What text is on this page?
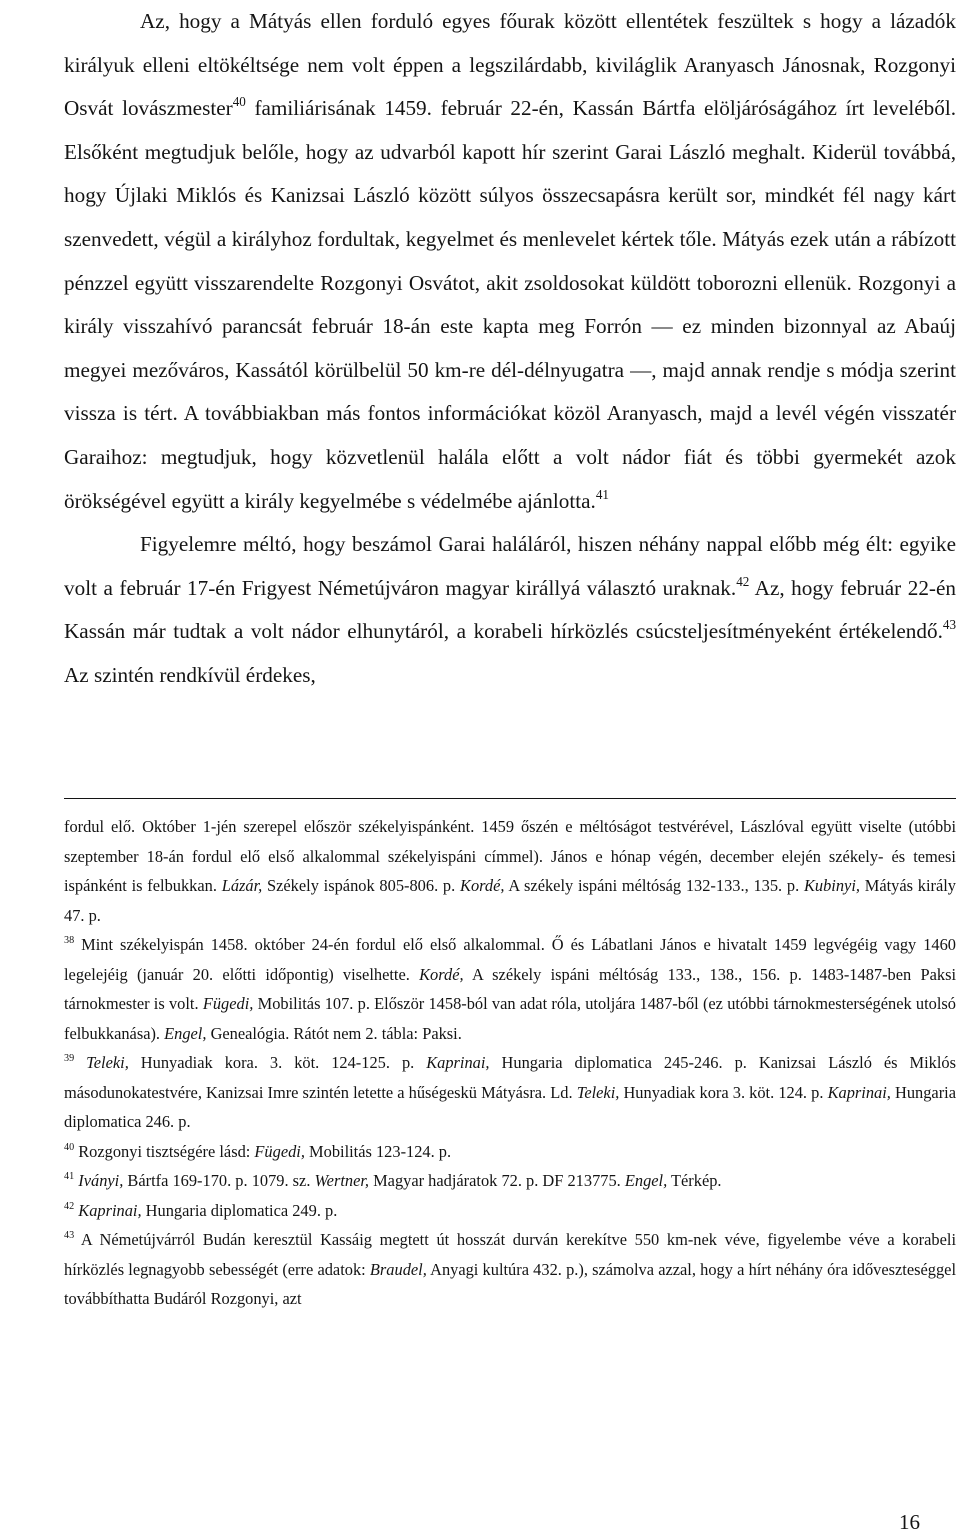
Az, hogy a Mátyás ellen forduló egyes főurak között ellentétek feszültek s hogy a lázadók királyuk elleni eltökéltsége nem volt éppen a legszilárdabb, kiviláglik Aranyasch Jánosnak, Rozgonyi Osvát lovászmester$^{40}$ familiárisának 1459. február 22-én, Kassán Bártfa elöljáróságához írt leveléből. Elsőként megtudjuk belőle, hogy az udvarból kapott hír szerint Garai László meghalt. Kiderül továbbá, hogy Újlaki Miklós és Kanizsai László között súlyos összecsapásra került sor, mindkét fél nagy kárt szenvedett, végül a királyhoz fordultak, kegyelmet és menlevelet kértek tőle. Mátyás ezek után a rábízott pénzzel együtt visszarendelte Rozgonyi Osvátot, akit zsoldosokat küldött toborozni ellenük. Rozgonyi a király visszahívó parancsát február 18-án este kapta meg Forrón — ez minden bizonnyal az Abaúj megyei mezőváros, Kassától körülbelül 50 km-re dél-délnyugatra —, majd annak rendje s módja szerint vissza is tért. A továbbiakban más fontos információkat közöl Aranyasch, majd a levél végén visszatér Garaihoz: megtudjuk, hogy közvetlenül halála előtt a volt nádor fiát és többi gyermekét azok örökségével együtt a király kegyelmébe s védelmébe ajánlotta.$^{41}$

Figyelemre méltó, hogy beszámol Garai haláláról, hiszen néhány nappal előbb még élt: egyike volt a február 17-én Frigyest Németújváron magyar királlyá választó uraknak.$^{42}$ Az, hogy február 22-én Kassán már tudtak a volt nádor elhunytáról, a korabeli hírközlés csúcsteljesítményeként értékelendő.$^{43}$ Az szintén rendkívül érdekes,

fordul elő. Október 1-jén szerepel először székelyispánként. 1459 őszén e méltóságot testvérével, Lászlóval együtt viselte (utóbbi szeptember 18-án fordul elő első alkalommal székelyispáni címmel). János e hónap végén, december elején székely- és temesi ispánként is felbukkan. Lázár, Székely ispánok 805-806. p. Kordé, A székely ispáni méltóság 132-133., 135. p. Kubinyi, Mátyás király 47. p.

$^{38}$ Mint székelyispán 1458. október 24-én fordul elő első alkalommal. Ő és Lábatlani János e hivatalt 1459 legvégéig vagy 1460 legelejéig (január 20. előtti időpontig) viselhette. Kordé, A székely ispáni méltóság 133., 138., 156. p. 1483-1487-ben Paksi tárnokmester is volt. Fügedi, Mobilitás 107. p. Először 1458-ból van adat róla, utoljára 1487-ből (ez utóbbi tárnokmesterségének utolsó felbukkanása). Engel, Genealógia. Rátót nem 2. tábla: Paksi.

$^{39}$ Teleki, Hunyadiak kora. 3. köt. 124-125. p. Kaprinai, Hungaria diplomatica 245-246. p. Kanizsai László és Miklós másodunokatestvére, Kanizsai Imre szintén letette a hűségeskü Mátyásra. Ld. Teleki, Hunyadiak kora 3. köt. 124. p. Kaprinai, Hungaria diplomatica 246. p.

$^{40}$ Rozgonyi tisztségére lásd: Fügedi, Mobilitás 123-124. p.

$^{41}$ Iványi, Bártfa 169-170. p. 1079. sz. Wertner, Magyar hadjáratok 72. p. DF 213775. Engel, Térkép.

$^{42}$ Kaprinai, Hungaria diplomatica 249. p.

$^{43}$ A Németújvárról Budán keresztül Kassáig megtett út hosszát durván kerekítve 550 km-nek véve, figyelembe véve a korabeli hírközlés legnagyobb sebességét (erre adatok: Braudel, Anyagi kultúra 432. p.), számolva azzal, hogy a hírt néhány óra időveszteséggel továbbíthatta Budáról Rozgonyi, azt

16
